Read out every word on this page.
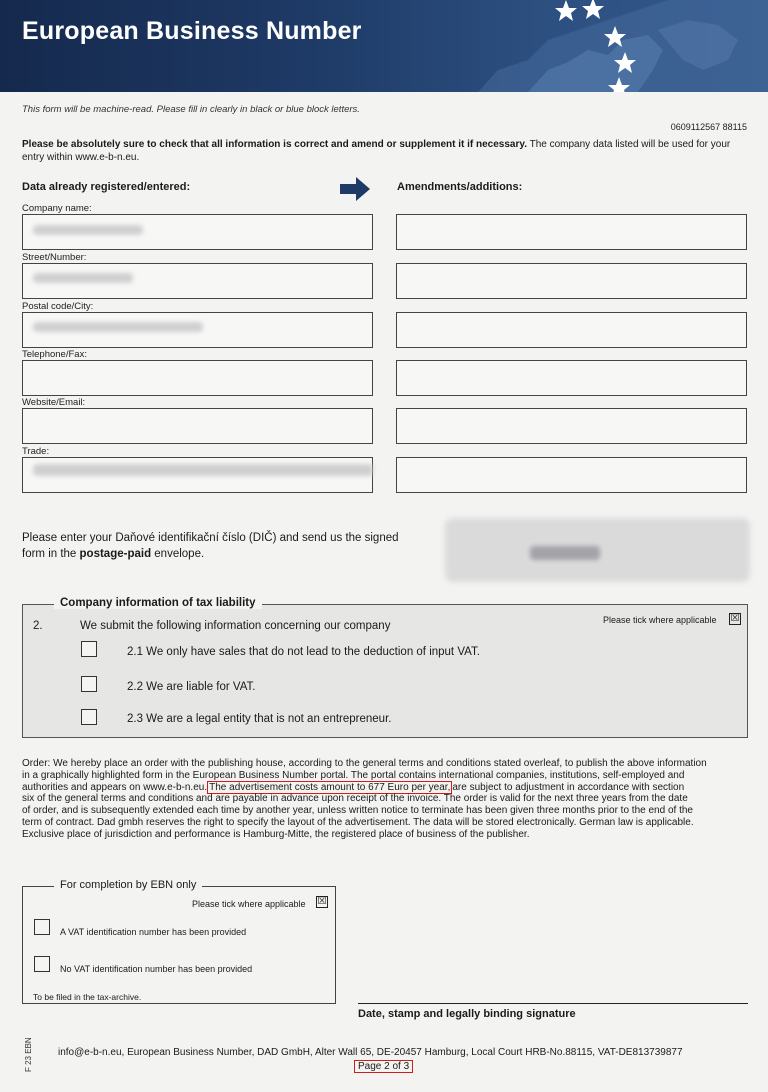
European Business Number
This form will be machine-read. Please fill in clearly in black or blue block letters.
0609112567 88115
Please be absolutely sure to check that all information is correct and amend or supplement it if necessary. The company data listed will be used for your entry within www.e-b-n.eu.
Data already registered/entered:	Amendments/additions:
Company name:
Street/Number:
Postal code/City:
Telephone/Fax:
Website/Email:
Trade:
Please enter your Daňové identifikační číslo (DIČ) and send us the signed
form in the postage-paid envelope.
Company information of tax liability
2.	We submit the following information concerning our company	Please tick where applicable ☒
2.1 We only have sales that do not lead to the deduction of input VAT.
2.2 We are liable for VAT.
2.3 We are a legal entity that is not an entrepreneur.
Order: We hereby place an order with the publishing house, according to the general terms and conditions stated overleaf, to publish the above information
in a graphically highlighted form in the European Business Number portal. The portal contains international companies, institutions, self-employed and
authorities and appears on www.e-b-n.eu. The advertisement costs amount to 677 Euro per year, are subject to adjustment in accordance with section
six of the general terms and conditions and are payable in advance upon receipt of the invoice. The order is valid for the next three years from the date
of order, and is subsequently extended each time by another year, unless written notice to terminate has been given three months prior to the end of the
term of contract. Dad gmbh reserves the right to specify the layout of the advertisement. The data will be stored electronically. German law is applicable.
Exclusive place of jurisdiction and performance is Hamburg-Mitte, the registered place of business of the publisher.
For completion by EBN only
Please tick where applicable ☒
A VAT identification number has been provided
No VAT identification number has been provided
To be filed in the tax-archive.
Date, stamp and legally binding signature
F 23 EBN	info@e-b-n.eu, European Business Number, DAD GmbH, Alter Wall 65, DE-20457 Hamburg, Local Court HRB-No.88115, VAT-DE813739877
Page 2 of 3
